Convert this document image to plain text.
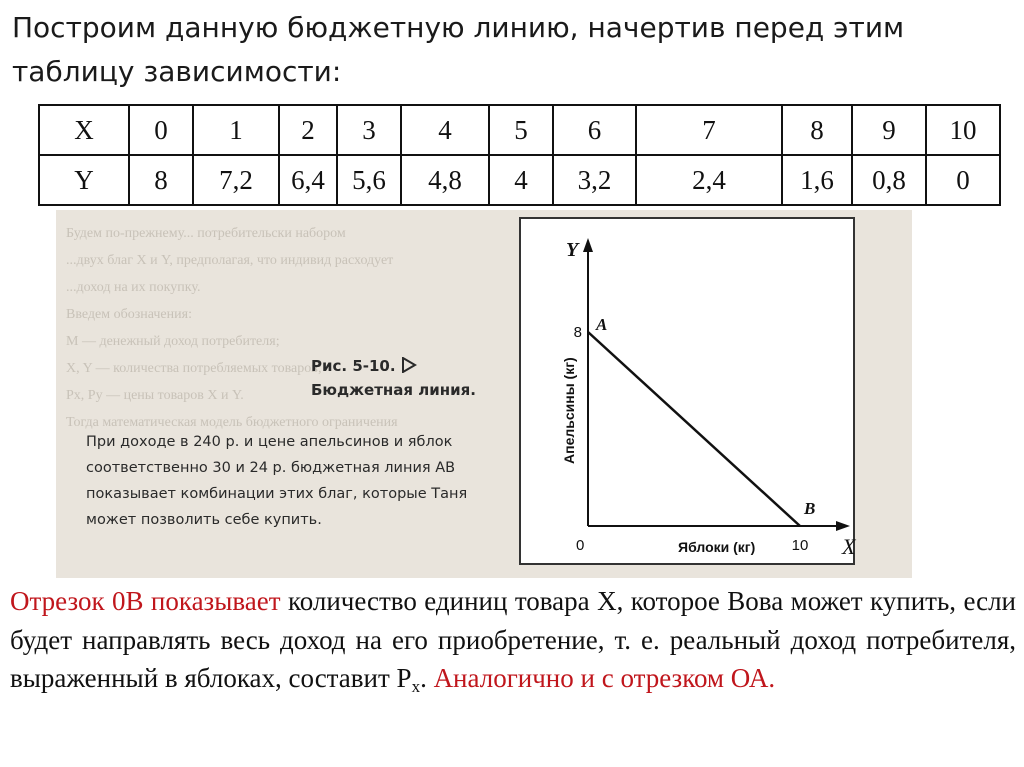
Построим данную бюджетную линию, начертив перед этим таблицу зависимости:
X	0	1	2	3	4	5	6	7	8	9	10
Y	8	7,2	6,4	5,6	4,8	4	3,2	2,4	1,6	0,8	0
Будем по-прежнему... потребительски набором
...двух благ X и Y, предполагая, что индивид расходует
...доход на их покупку.
Введем обозначения:
M — денежный доход потребителя;
X, Y — количества потребляемых товаров;
Px, Py — цены товаров X и Y.
Тогда математическая модель бюджетного ограничения
Рис. 5-10.
Бюджетная линия.
При доходе в 240 р. и цене апельсинов и яблок соответственно 30 и 24 р. бюджетная линия AB показывает комбинации этих благ, которые Таня может позволить себе купить.
Y
X
0
8
10
Яблоки (кг)
Апельсины (кг)
A
B

Отрезок 0В показывает количество единиц товара X, которое Вова может купить, если будет направлять весь доход на его приобретение, т. е. реальный доход потребителя, выраженный в яблоках, составит $P_x$. Аналогично и с отрезком ОА.
